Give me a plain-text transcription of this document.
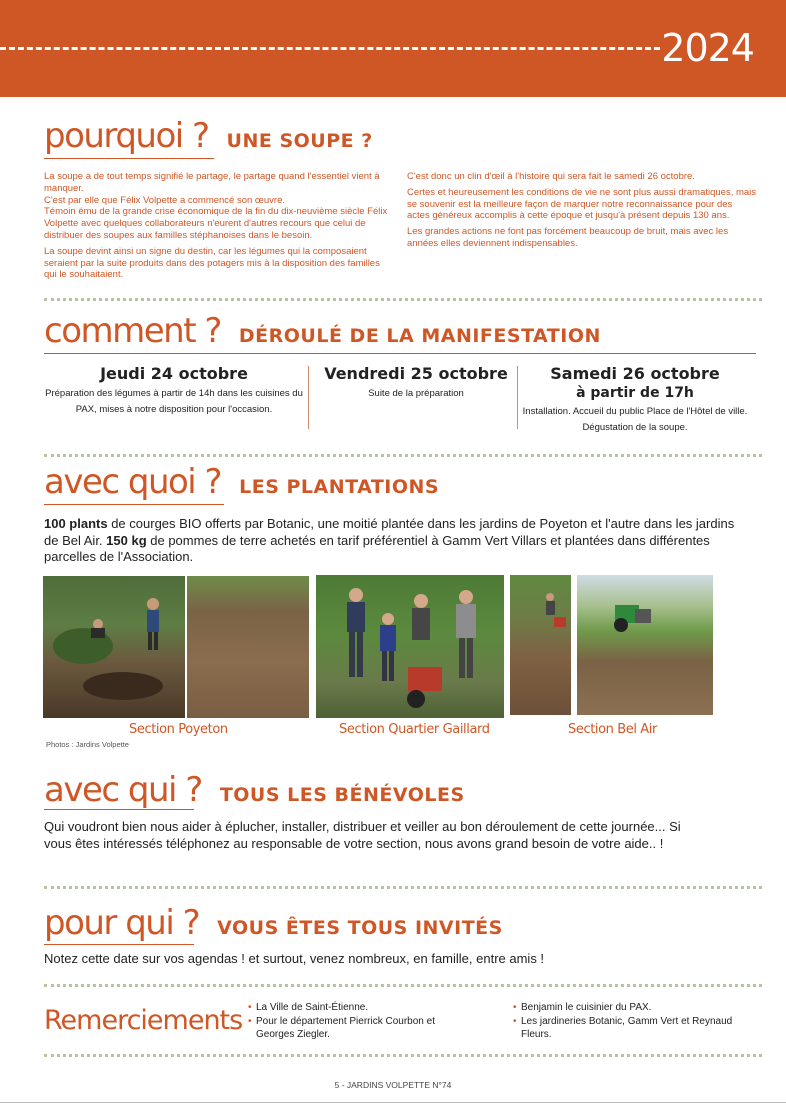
2024
pourquoi ? UNE SOUPE ?

La soupe a de tout temps signifié le partage, le partage quand l'essentiel vient à manquer.
C'est par elle que Félix Volpette a commencé son œuvre.
Témoin ému de la grande crise économique de la fin du dix-neuvième siècle Félix Volpette avec quelques collaborateurs n'eurent d'autres recours que celui de distribuer des soupes aux familles stéphanoises dans le besoin.

La soupe devint ainsi un signe du destin, car les légumes qui la composaient seraient par la suite produits dans des potagers mis à la disposition des familles qui le souhaitaient.

C'est donc un clin d'œil à l'histoire qui sera fait le samedi 26 octobre.

Certes et heureusement les conditions de vie ne sont plus aussi dramatiques, mais se souvenir est la meilleure façon de marquer notre reconnaissance pour des actes généreux accomplis à cette époque et jusqu'à présent depuis 130 ans.

Les grandes actions ne font pas forcément beaucoup de bruit, mais avec les années elles deviennent indispensables.

comment ? DÉROULÉ DE LA MANIFESTATION
Jeudi 24 octobre

Préparation des légumes à partir de 14h dans les cuisines du PAX, mises à notre disposition pour l'occasion.

Vendredi 25 octobre

Suite de la préparation

Samedi 26 octobre
à partir de 17h

Installation. Accueil du public Place de l'Hôtel de ville. Dégustation de la soupe.

avec quoi ? LES PLANTATIONS
100 plants de courges BIO offerts par Botanic, une moitié plantée dans les jardins de Poyeton et l'autre dans les jardins de Bel Air. 150 kg de pommes de terre achetés en tarif préférentiel à Gamm Vert Villars et plantées dans différentes parcelles de l'Association.
Section Poyeton	Section Quartier Gaillard	Section Bel Air
Photos : Jardins Volpette
avec qui ? TOUS LES BÉNÉVOLES
Qui voudront bien nous aider à éplucher, installer, distribuer et veiller au bon déroulement de cette journée... Si vous êtes intéressés téléphonez au responsable de votre section, nous avons grand besoin de votre aide.. !
pour qui ? VOUS ÊTES TOUS INVITÉS
Notez cette date sur vos agendas ! et surtout, venez nombreux, en famille, entre amis !
Remerciements
•	La Ville de Saint-Étienne.
• Pour le département Pierrick Courbon et Georges Ziegler.
• Benjamin le cuisinier du PAX.
• Les jardineries Botanic, Gamm Vert et Reynaud Fleurs.
5 - JARDINS VOLPETTE N°74
